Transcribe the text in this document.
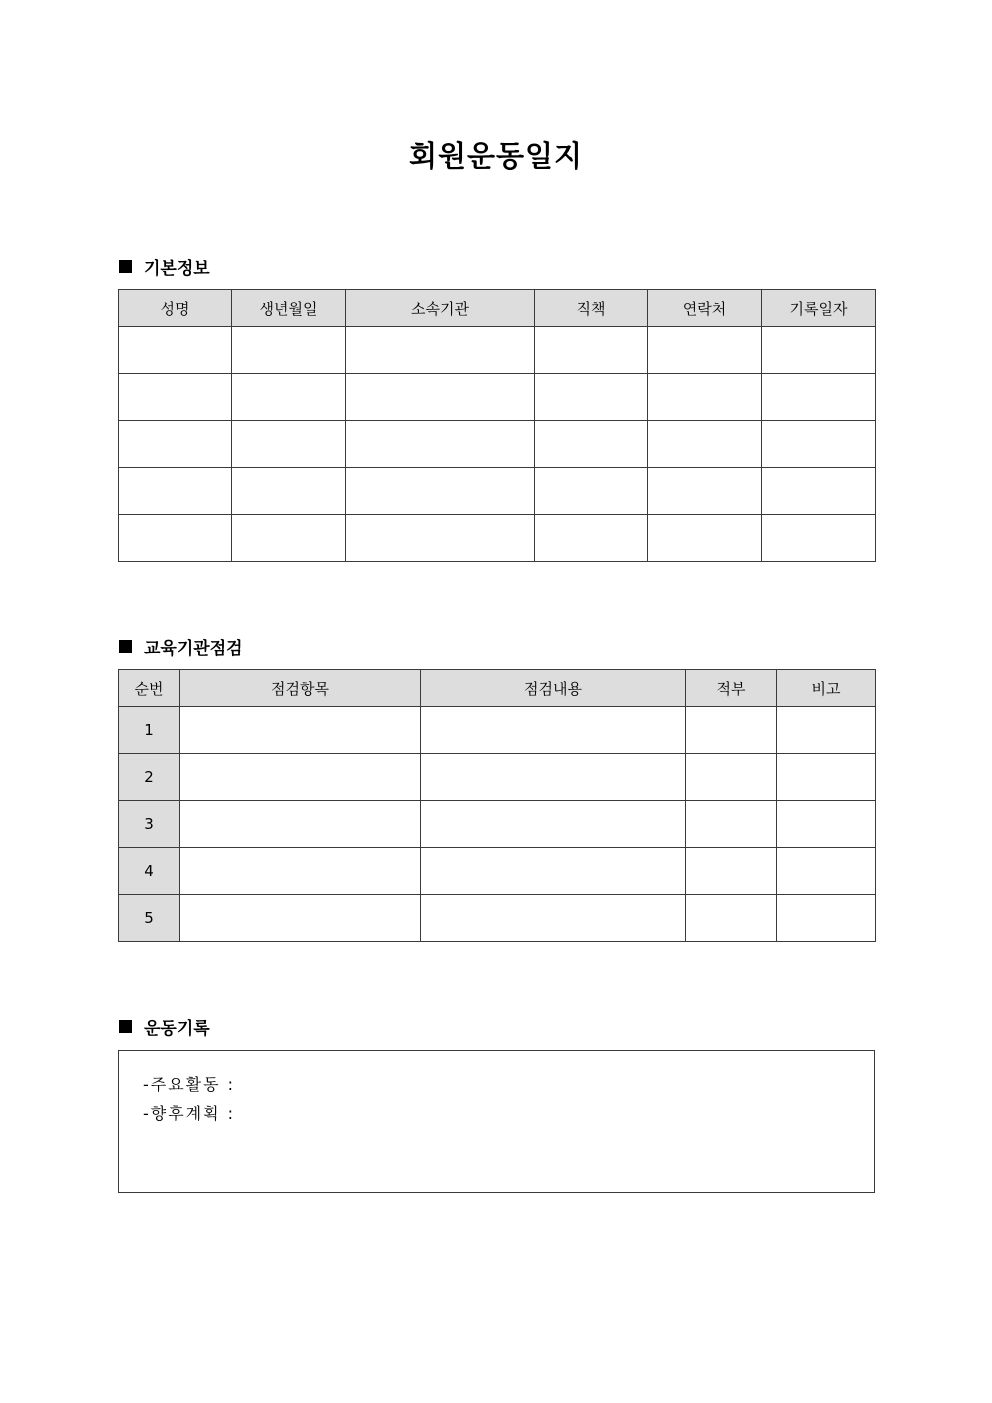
회원운동일지
기본정보
성명	생년월일	소속기관	직책	연락처	기록일자

교육기관점검
순번	점검항목	점검내용	적부	비고
1				
2				
3				
4				
5				
운동기록
-주요활동 :
-향후계획 :
